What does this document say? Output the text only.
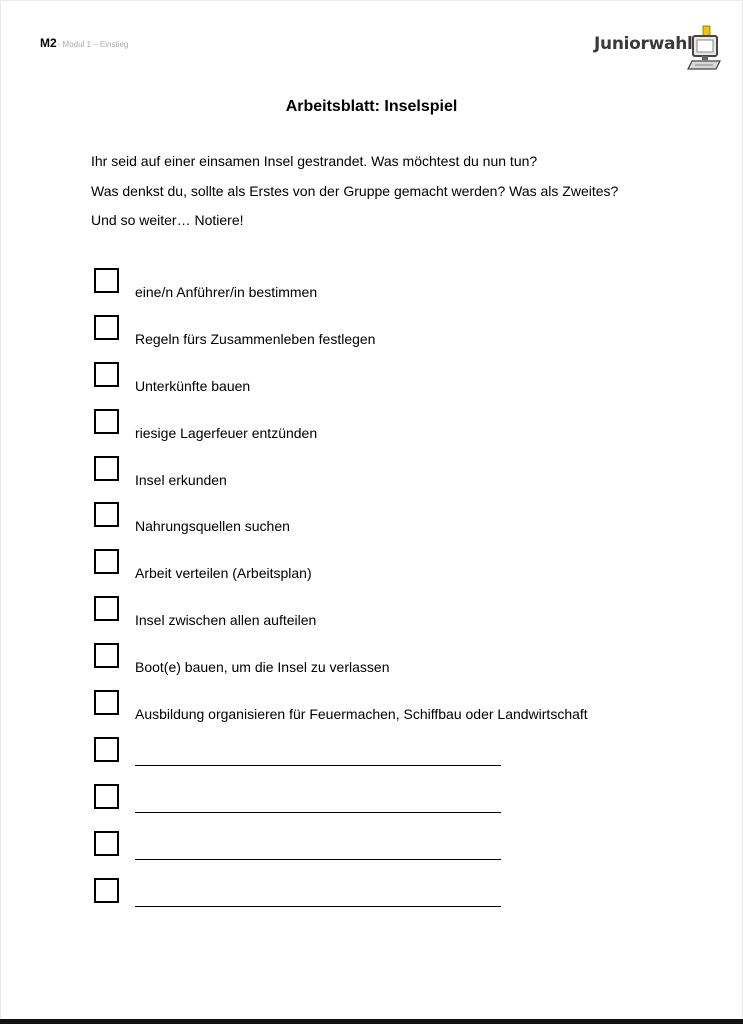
M2- Modul 1 – Einstieg	Juniorwahl
Arbeitsblatt: Inselspiel
Ihr seid auf einer einsamen Insel gestrandet. Was möchtest du nun tun?
Was denkst du, sollte als Erstes von der Gruppe gemacht werden? Was als Zweites?
Und so weiter… Notiere!
eine/n Anführer/in bestimmen
Regeln fürs Zusammenleben festlegen
Unterkünfte bauen
riesige Lagerfeuer entzünden
Insel erkunden
Nahrungsquellen suchen
Arbeit verteilen (Arbeitsplan)
Insel zwischen allen aufteilen
Boot(e) bauen, um die Insel zu verlassen
Ausbildung organisieren für Feuermachen, Schiffbau oder Landwirtschaft
